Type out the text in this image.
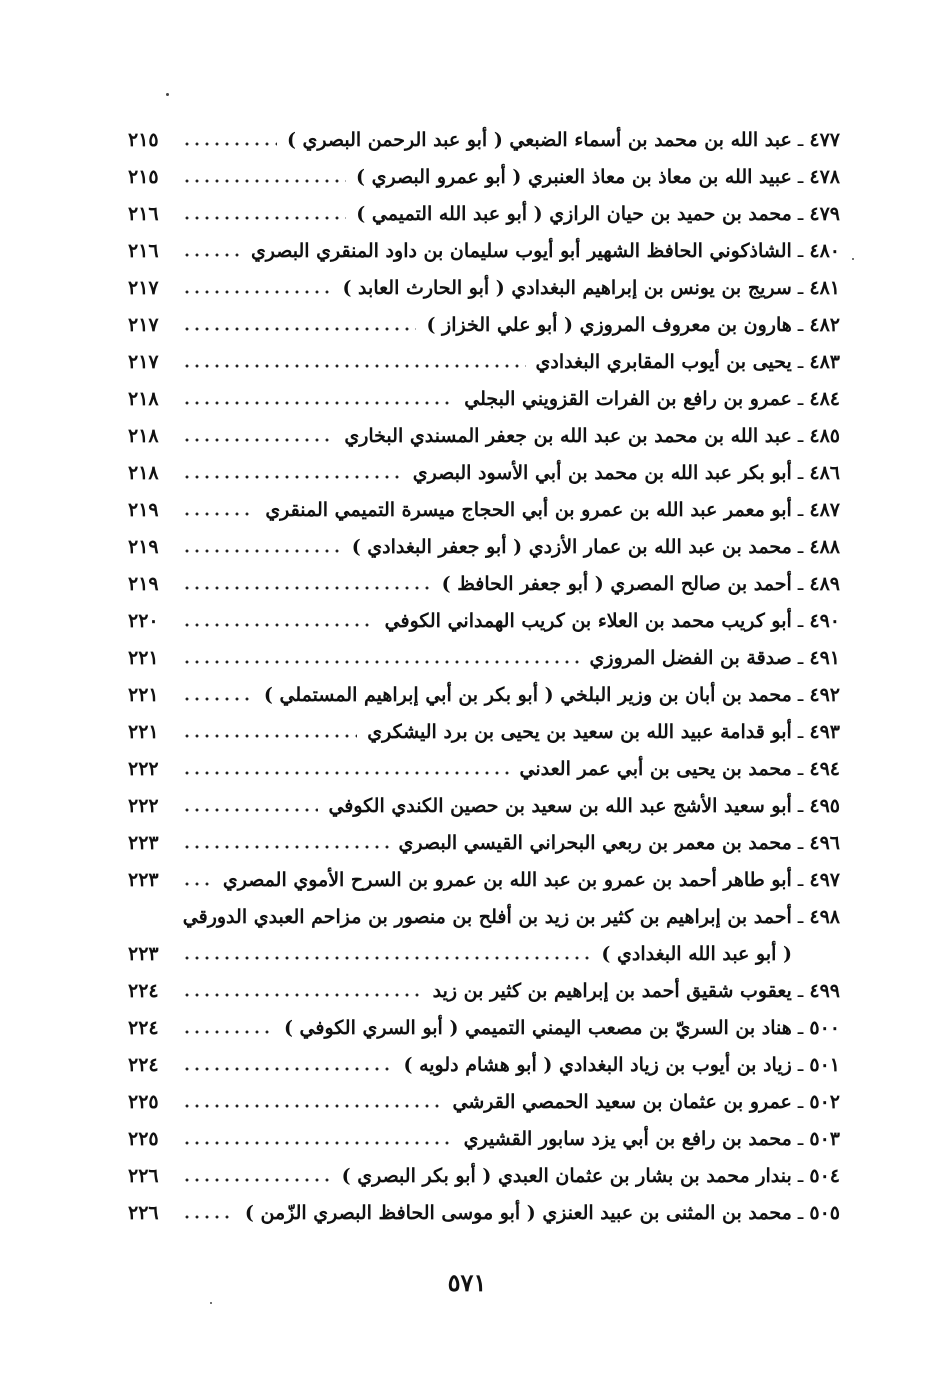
٤٧٧
ـ
عبد الله بن محمد بن أسماء الضبعي ( أبو عبد الرحمن البصري )
٢١٥
٤٧٨
ـ
عبيد الله بن معاذ بن معاذ العنبري ( أبو عمرو البصري )
٢١٥
٤٧٩
ـ
محمد بن حميد بن حيان الرازي ( أبو عبد الله التميمي )
٢١٦
٤٨٠
ـ
الشاذكوني الحافظ الشهير أبو أيوب سليمان بن داود المنقري البصري
٢١٦
٤٨١
ـ
سريج بن يونس بن إبراهيم البغدادي ( أبو الحارث العابد )
٢١٧
٤٨٢
ـ
هارون بن معروف المروزي ( أبو علي الخزاز )
٢١٧
٤٨٣
ـ
يحيى بن أيوب المقابري البغدادي
٢١٧
٤٨٤
ـ
عمرو بن رافع بن الفرات القزويني البجلي
٢١٨
٤٨٥
ـ
عبد الله بن محمد بن عبد الله بن جعفر المسندي البخاري
٢١٨
٤٨٦
ـ
أبو بكر عبد الله بن محمد بن أبي الأسود البصري
٢١٨
٤٨٧
ـ
أبو معمر عبد الله بن عمرو بن أبي الحجاج ميسرة التميمي المنقري
٢١٩
٤٨٨
ـ
محمد بن عبد الله بن عمار الأزدي ( أبو جعفر البغدادي )
٢١٩
٤٨٩
ـ
أحمد بن صالح المصري ( أبو جعفر الحافظ )
٢١٩
٤٩٠
ـ
أبو كريب محمد بن العلاء بن كريب الهمداني الكوفي
٢٢٠
٤٩١
ـ
صدقة بن الفضل المروزي
٢٢١
٤٩٢
ـ
محمد بن أبان بن وزير البلخي ( أبو بكر بن أبي إبراهيم المستملي )
٢٢١
٤٩٣
ـ
أبو قدامة عبيد الله بن سعيد بن يحيى بن برد اليشكري
٢٢١
٤٩٤
ـ
محمد بن يحيى بن أبي عمر العدني
٢٢٢
٤٩٥
ـ
أبو سعيد الأشج عبد الله بن سعيد بن حصين الكندي الكوفي
٢٢٢
٤٩٦
ـ
محمد بن معمر بن ربعي البحراني القيسي البصري
٢٢٣
٤٩٧
ـ
أبو طاهر أحمد بن عمرو بن عبد الله بن عمرو بن السرح الأموي المصري
٢٢٣
٤٩٨
ـ
أحمد بن إبراهيم بن كثير بن زيد بن أفلح بن منصور بن مزاحم العبدي الدورقي
( أبو عبد الله البغدادي )
٢٢٣
٤٩٩
ـ
يعقوب شقيق أحمد بن إبراهيم بن كثير بن زيد
٢٢٤
٥٠٠
ـ
هناد بن السريّ بن مصعب اليمني التميمي ( أبو السري الكوفي )
٢٢٤
٥٠١
ـ
زياد بن أيوب بن زياد البغدادي ( أبو هشام دلويه )
٢٢٤
٥٠٢
ـ
عمرو بن عثمان بن سعيد الحمصي القرشي
٢٢٥
٥٠٣
ـ
محمد بن رافع بن أبي يزد سابور القشيري
٢٢٥
٥٠٤
ـ
بندار محمد بن بشار بن عثمان العبدي ( أبو بكر البصري )
٢٢٦
٥٠٥
ـ
محمد بن المثنى بن عبيد العنزي ( أبو موسى الحافظ البصري الزّمن )
٢٢٦
٥٧١
